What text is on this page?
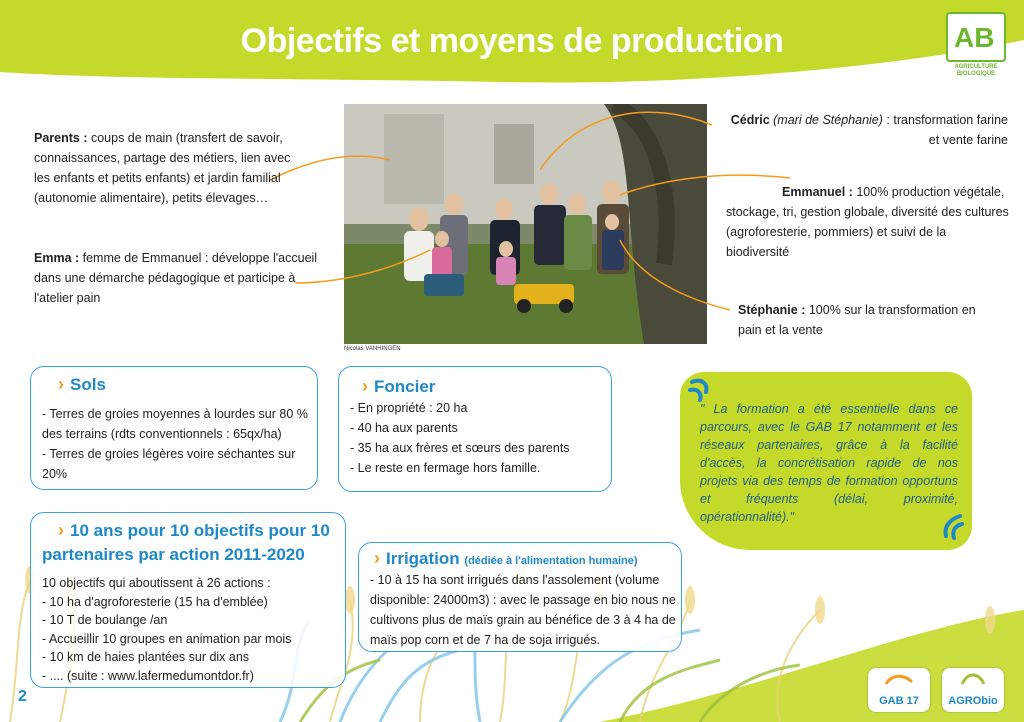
Objectifs et moyens de production	AB
AGRICULTURE BIOLOGIQUE
Nicolas VANHINGEN
Parents : coups de main (transfert de savoir, connaissances, partage des métiers, lien avec les enfants et petits enfants) et jardin familial (autonomie alimentaire), petits élevages…
Emma : femme de Emmanuel : développe l'accueil dans une démarche pédagogique et participe à l'atelier pain
Cédric (mari de Stéphanie) : transformation farine et vente farine
Emmanuel : 100% production végétale, stockage, tri, gestion globale, diversité des cultures (agroforesterie, pommiers) et suivi de la biodiversité
Stéphanie : 100% sur la transformation en pain et la vente
› Sols
- Terres de groies moyennes à lourdes sur 80 % des terrains (rdts conventionnels : 65qx/ha)
- Terres de groies légères voire séchantes sur 20%
› Foncier
- En propriété : 20 ha
- 40 ha aux parents
- 35 ha aux frères et sœurs des parents
- Le reste en fermage hors famille.
" La formation a été essentielle dans ce parcours, avec le GAB 17 notamment et les réseaux partenaires, grâce à la facilité d'accès, la concrétisation rapide de nos projets via des temps de formation opportuns et fréquents (délai, proximité, opérationnalité)."
› 10 ans pour 10 objectifs pour 10 partenaires par action 2011-2020
10 objectifs qui aboutissent à 26 actions :
- 10 ha d'agroforesterie (15 ha d'emblée)
- 10 T de boulange /an
- Accueillir 10 groupes en animation par mois
- 10 km de haies plantées sur dix ans
- .... (suite : www.lafermedumontdor.fr)
› Irrigation (dédiée à l'alimentation humaine)
- 10 à 15 ha sont irrigués dans l'assolement (volume disponible: 24000m3) : avec le passage en bio nous ne cultivons plus de maïs grain au bénéfice de 3 à 4 ha de maïs pop corn et de 7 ha de soja irrigués.
2	GAB 17	AGRObio
